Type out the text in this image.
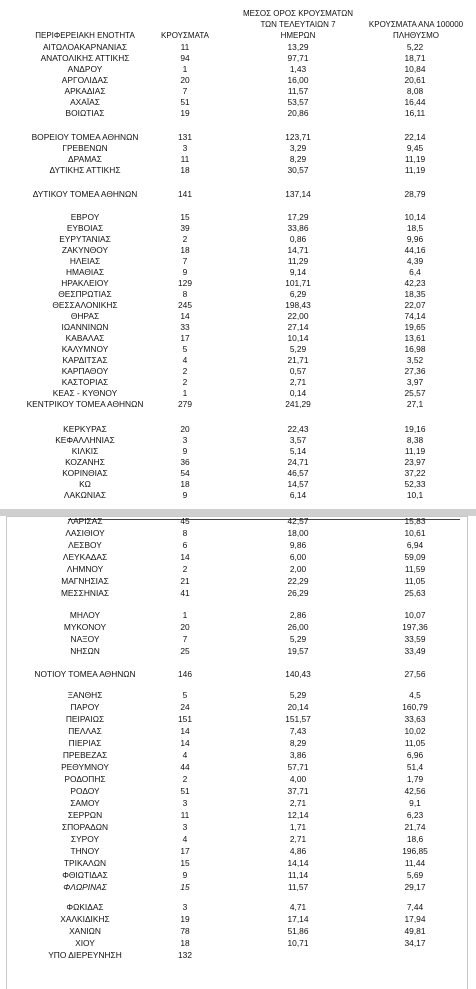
ΠΕΡΙΦΕΡΕΙΑΚΗ ΕΝΟΤΗΤΑ	ΚΡΟΥΣΜΑΤΑ
ΜΕΣΟΣ ΟΡΟΣ ΚΡΟΥΣΜΑΤΩΝ
ΤΩΝ ΤΕΛΕΥΤΑΙΩΝ 7
ΗΜΕΡΩΝ
ΚΡΟΥΣΜΑΤΑ ΑΝΑ 100000
ΠΛΗΘΥΣΜΟ
ΑΙΤΩΛΟΑΚΑΡΝΑΝΙΑΣ	11	13,29	5,22
ΑΝΑΤΟΛΙΚΗΣ ΑΤΤΙΚΗΣ	94	97,71	18,71
ΑΝΔΡΟΥ	1	1,43	10,84
ΑΡΓΟΛΙΔΑΣ	20	16,00	20,61
ΑΡΚΑΔΙΑΣ	7	11,57	8,08
ΑΧΑΪΑΣ	51	53,57	16,44
ΒΟΙΩΤΙΑΣ	19	20,86	16,11
ΒΟΡΕΙΟΥ ΤΟΜΕΑ ΑΘΗΝΩΝ	131	123,71	22,14
ΓΡΕΒΕΝΩΝ	3	3,29	9,45
ΔΡΑΜΑΣ	11	8,29	11,19
ΔΥΤΙΚΗΣ ΑΤΤΙΚΗΣ	18	30,57	11,19
ΔΥΤΙΚΟΥ ΤΟΜΕΑ ΑΘΗΝΩΝ	141	137,14	28,79
ΕΒΡΟΥ	15	17,29	10,14
ΕΥΒΟΙΑΣ	39	33,86	18,5
ΕΥΡΥΤΑΝΙΑΣ	2	0,86	9,96
ΖΑΚΥΝΘΟΥ	18	14,71	44,16
ΗΛΕΙΑΣ	7	11,29	4,39
ΗΜΑΘΙΑΣ	9	9,14	6,4
ΗΡΑΚΛΕΙΟΥ	129	101,71	42,23
ΘΕΣΠΡΩΤΙΑΣ	8	6,29	18,35
ΘΕΣΣΑΛΟΝΙΚΗΣ	245	198,43	22,07
ΘΗΡΑΣ	14	22,00	74,14
ΙΩΑΝΝΙΝΩΝ	33	27,14	19,65
ΚΑΒΑΛΑΣ	17	10,14	13,61
ΚΑΛΥΜΝΟΥ	5	5,29	16,98
ΚΑΡΔΙΤΣΑΣ	4	21,71	3,52
ΚΑΡΠΑΘΟΥ	2	0,57	27,36
ΚΑΣΤΟΡΙΑΣ	2	2,71	3,97
ΚΕΑΣ - ΚΥΘΝΟΥ	1	0,14	25,57
ΚΕΝΤΡΙΚΟΥ ΤΟΜΕΑ ΑΘΗΝΩΝ	279	241,29	27,1
ΚΕΡΚΥΡΑΣ	20	22,43	19,16
ΚΕΦΑΛΛΗΝΙΑΣ	3	3,57	8,38
ΚΙΛΚΙΣ	9	5,14	11,19
ΚΟΖΑΝΗΣ	36	24,71	23,97
ΚΟΡΙΝΘΙΑΣ	54	46,57	37,22
ΚΩ	18	14,57	52,33
ΛΑΚΩΝΙΑΣ	9	6,14	10,1
ΛΑΡΙΣΑΣ	45	42,57	15,83
ΛΑΣΙΘΙΟΥ	8	18,00	10,61
ΛΕΣΒΟΥ	6	9,86	6,94
ΛΕΥΚΑΔΑΣ	14	6,00	59,09
ΛΗΜΝΟΥ	2	2,00	11,59
ΜΑΓΝΗΣΙΑΣ	21	22,29	11,05
ΜΕΣΣΗΝΙΑΣ	41	26,29	25,63
ΜΗΛΟΥ	1	2,86	10,07
ΜΥΚΟΝΟΥ	20	26,00	197,36
ΝΑΞΟΥ	7	5,29	33,59
ΝΗΣΩΝ	25	19,57	33,49
ΝΟΤΙΟΥ ΤΟΜΕΑ ΑΘΗΝΩΝ	146	140,43	27,56
ΞΑΝΘΗΣ	5	5,29	4,5
ΠΑΡΟΥ	24	20,14	160,79
ΠΕΙΡΑΙΩΣ	151	151,57	33,63
ΠΕΛΛΑΣ	14	7,43	10,02
ΠΙΕΡΙΑΣ	14	8,29	11,05
ΠΡΕΒΕΖΑΣ	4	3,86	6,96
ΡΕΘΥΜΝΟΥ	44	57,71	51,4
ΡΟΔΟΠΗΣ	2	4,00	1,79
ΡΟΔΟΥ	51	37,71	42,56
ΣΑΜΟΥ	3	2,71	9,1
ΣΕΡΡΩΝ	11	12,14	6,23
ΣΠΟΡΑΔΩΝ	3	1,71	21,74
ΣΥΡΟΥ	4	2,71	18,6
ΤΗΝΟΥ	17	4,86	196,85
ΤΡΙΚΑΛΩΝ	15	14,14	11,44
ΦΘΙΩΤΙΔΑΣ	9	11,14	5,69
ΦΛΩΡΙΝΑΣ	15	11,57	29,17
ΦΩΚΙΔΑΣ	3	4,71	7,44
ΧΑΛΚΙΔΙΚΗΣ	19	17,14	17,94
ΧΑΝΙΩΝ	78	51,86	49,81
ΧΙΟΥ	18	10,71	34,17
ΥΠΟ ΔΙΕΡΕΥΝΗΣΗ	132
